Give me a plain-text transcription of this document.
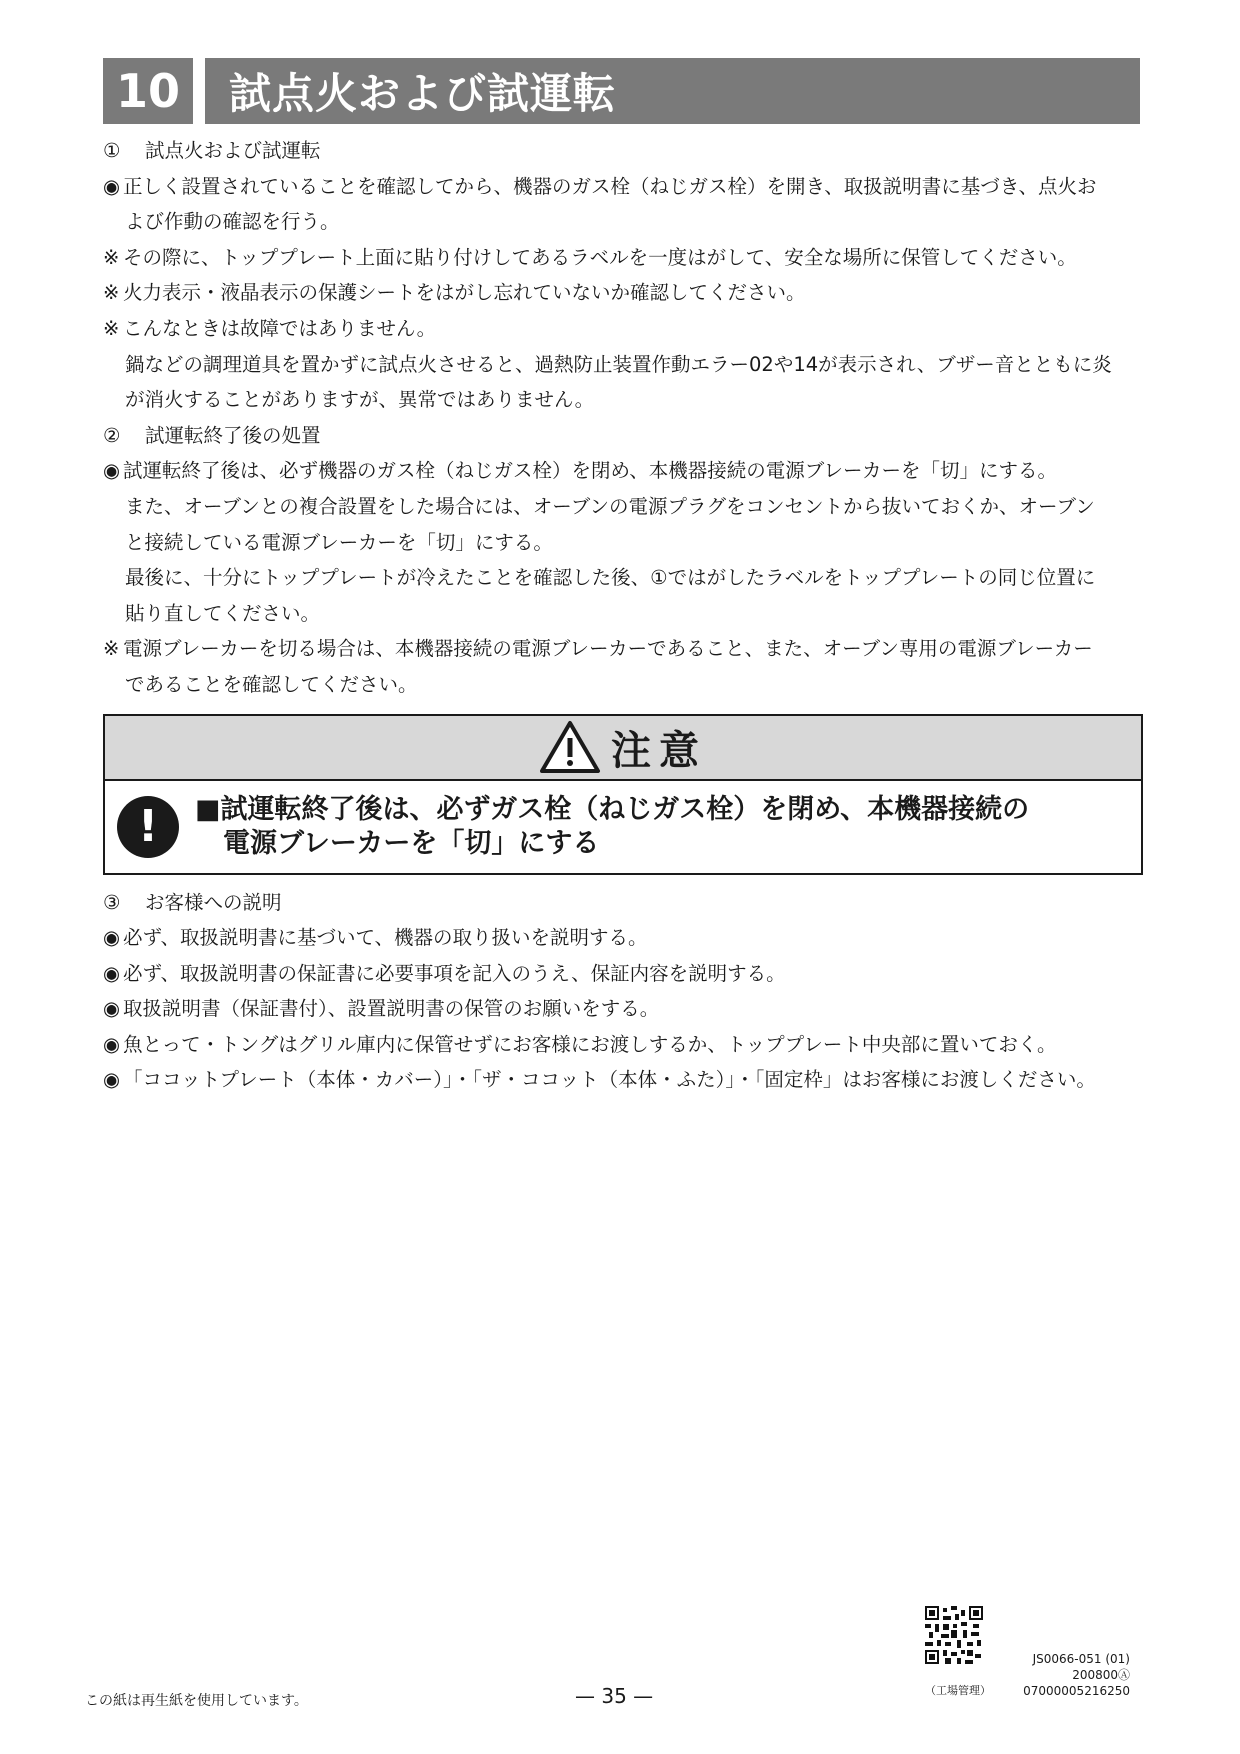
10 試点火および試運転
① 試点火および試運転
◉ 正しく設置されていることを確認してから、機器のガス栓（ねじガス栓）を開き、取扱説明書に基づき、点火お
よび作動の確認を行う。
※ その際に、トッププレート上面に貼り付けしてあるラベルを一度はがして、安全な場所に保管してください。
※ 火力表示・液晶表示の保護シートをはがし忘れていないか確認してください。
※ こんなときは故障ではありません。
鍋などの調理道具を置かずに試点火させると、過熱防止装置作動エラー02や14が表示され、ブザー音とともに炎
が消火することがありますが、異常ではありません。
② 試運転終了後の処置
◉ 試運転終了後は、必ず機器のガス栓（ねじガス栓）を閉め、本機器接続の電源ブレーカーを「切」にする。
また、オーブンとの複合設置をした場合には、オーブンの電源プラグをコンセントから抜いておくか、オーブン
と接続している電源ブレーカーを「切」にする。
最後に、十分にトッププレートが冷えたことを確認した後、①ではがしたラベルをトッププレートの同じ位置に
貼り直してください。
※ 電源ブレーカーを切る場合は、本機器接続の電源ブレーカーであること、また、オーブン専用の電源ブレーカー
であることを確認してください。
注意
!	■試運転終了後は、必ずガス栓（ねじガス栓）を閉め、本機器接続の
電源ブレーカーを「切」にする
③ お客様への説明
◉ 必ず、取扱説明書に基づいて、機器の取り扱いを説明する。
◉ 必ず、取扱説明書の保証書に必要事項を記入のうえ、保証内容を説明する。
◉ 取扱説明書（保証書付）、設置説明書の保管のお願いをする。
◉ 魚とって・トングはグリル庫内に保管せずにお客様にお渡しするか、トッププレート中央部に置いておく。
◉ 「ココットプレート（本体・カバー）」・「ザ・ココット（本体・ふた）」・「固定枠」はお客様にお渡しください。
この紙は再生紙を使用しています。	— 35 —	（工場管理）
JS0066-051 (01)
200800Ⓐ
07000005216250
